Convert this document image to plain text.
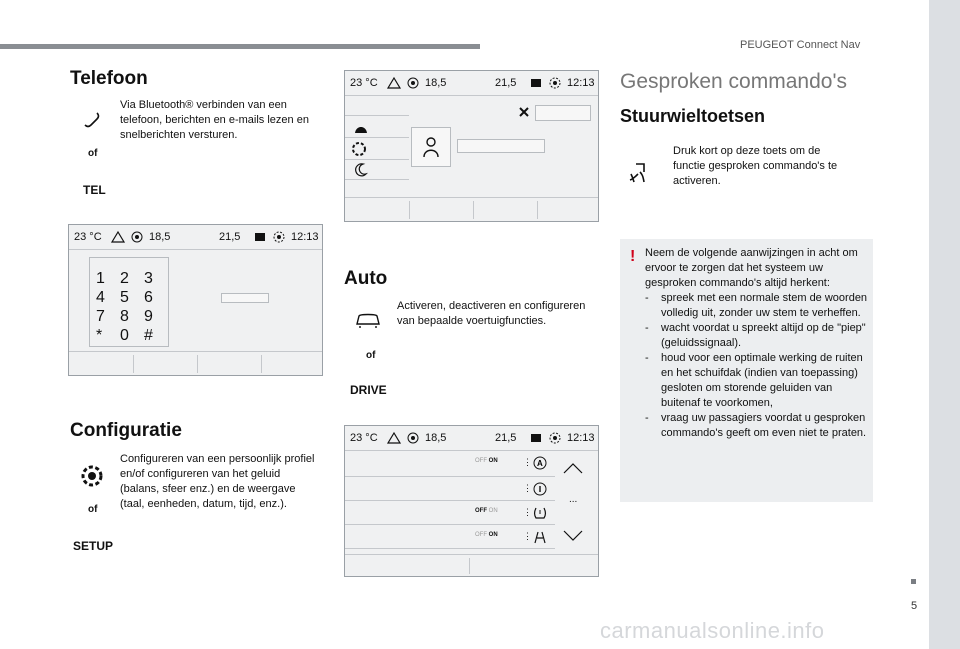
PEUGEOT Connect Nav
Telefoon
of
TEL
Via Bluetooth® verbinden van een telefoon, berichten en e-mails lezen en snelberichten versturen.
23 °C	18,5	21,5	12:13
1 2 3
4 5 6
7 8 9
* 0 #
Configuratie
of
SETUP
Configureren van een persoonlijk profiel en/of configureren van het geluid (balans, sfeer enz.) en de weergave (taal, eenheden, datum, tijd, enz.).
23 °C	18,5	21,5	12:13
Auto
of
DRIVE
Activeren, deactiveren en configureren van bepaalde voertuigfuncties.
23 °C	18,5	21,5	12:13
OFF ON	⋮ A
⋮
OFF ON	⋮
OFF ON	⋮
...
Gesproken commando's
Stuurwieltoetsen
Druk kort op deze toets om de functie gesproken commando's te activeren.
! Neem de volgende aanwijzingen in acht om ervoor te zorgen dat het systeem uw gesproken commando's altijd herkent:

- spreek met een normale stem de woorden volledig uit, zonder uw stem te verheffen.
- wacht voordat u spreekt altijd op de "piep" (geluidssignaal).
- houd voor een optimale werking de ruiten en het schuifdak (indien van toepassing) gesloten om storende geluiden van buitenaf te voorkomen,
- vraag uw passagiers voordat u gesproken commando's geeft om even niet te praten.
5
carmanualsonline.info
